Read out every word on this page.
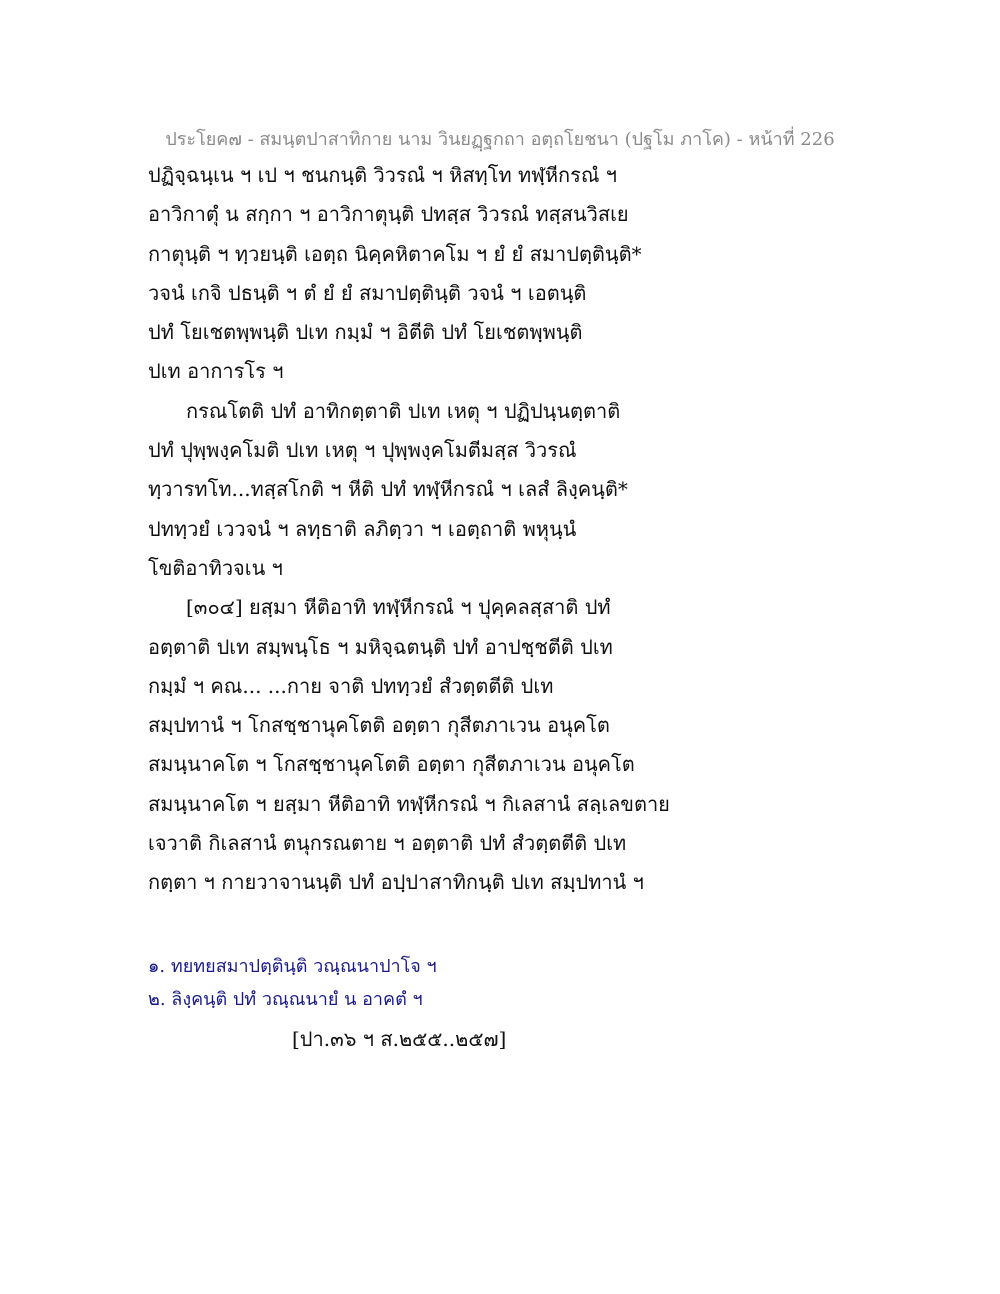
ประโยค๗ - สมนฺตปาสาทิกาย นาม วินยฏฺฐกถา อตฺถโยชนา (ปฐโม ภาโค) - หน้าที่ 226
ปฏิจฺฉนฺเน ฯ เป ฯ ชนกนฺติ วิวรณํ ฯ หิสทฺโท ทฬฺหีกรณํ ฯ
อาวิกาตุํ น สกฺกา ฯ อาวิกาตุนฺติ ปทสฺส วิวรณํ ทสฺสนวิสเย
กาตุนฺติ ฯ ทฺวยนฺติ เอตฺถ นิคฺคหิตาคโม ฯ ยํ ยํ สมาปตฺตินฺติ*
วจนํ เกจิ ปธนฺติ ฯ ตํ ยํ ยํ สมาปตฺตินฺติ วจนํ ฯ เอตนฺติ
ปทํ โยเชตพฺพนฺติ ปเท กมฺมํ ฯ อิตีติ ปทํ โยเชตพฺพนฺติ
ปเท อาการโร ฯ
กรณโตติ ปทํ อาทิกตฺตาติ ปเท เหตุ ฯ ปฏิปนฺนตฺตาติ
ปทํ ปุพฺพงฺคโมติ ปเท เหตุ ฯ ปุพฺพงฺคโมตีมสฺส วิวรณํ
ทฺวารทโท...ทสฺสโกติ ฯ หีติ ปทํ ทฬฺหีกรณํ ฯ เลสํ ลิงฺคนฺติ*
ปททฺวยํ เววจนํ ฯ ลทฺธาติ ลภิตฺวา ฯ เอตฺถาติ พหุนฺนํ
โขติอาทิวจเน ฯ
[๓๐๔] ยสฺมา หีติอาทิ ทฬฺหีกรณํ ฯ ปุคฺคลสฺสาติ ปทํ
อตฺตาติ ปเท สมฺพนฺโธ ฯ มหิจฺฉตนฺติ ปทํ อาปชฺชตีติ ปเท
กมฺมํ ฯ คณ... ...กาย จาติ ปททฺวยํ สํวตฺตตีติ ปเท
สมฺปทานํ ฯ โกสชฺชานุคโตติ อตฺตา กุสีตภาเวน อนุคโต
สมนฺนาคโต ฯ โกสชฺชานุคโตติ อตฺตา กุสีตภาเวน อนุคโต
สมนฺนาคโต ฯ ยสฺมา หีติอาทิ ทฬฺหีกรณํ ฯ กิเลสานํ สลฺเลขตาย
เจวาติ กิเลสานํ ตนุกรณตาย ฯ อตฺตาติ ปทํ สํวตฺตตีติ ปเท
กตฺตา ฯ กายวาจานนฺติ ปทํ อปฺปาสาทิกนฺติ ปเท สมฺปทานํ ฯ
๑. ทยทยสมาปตฺตินฺติ วณฺณนาปาโจ ฯ
๒. ลิงฺคนฺติ ปทํ วณฺณนายํ น อาคตํ ฯ
[ปา.๓๖ ฯ ส.๒๕๕..๒๕๗]
